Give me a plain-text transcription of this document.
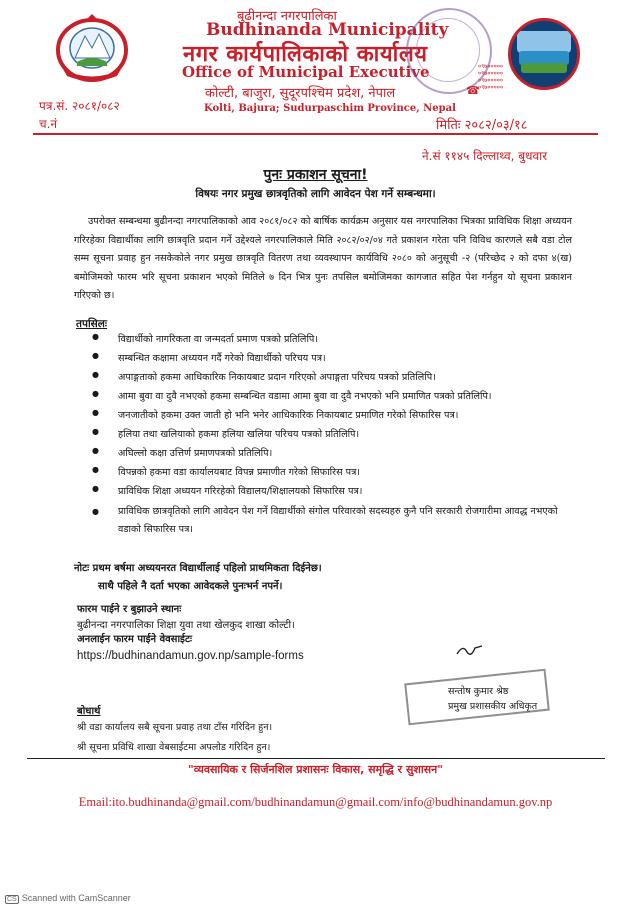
बुढीनन्दा नगरपालिका
Budhinanda Municipality
नगर कार्यपालिकाको कार्यालय
Office of Municipal Executive
कोल्टी, बाजुरा, सुदूरपश्चिम प्रदेश, नेपाल
Kolti, Bajura; Sudurpaschim Province, Nepal
०९७०००००
०९७०००००
०९७०००००
०९७०००००
☎
पत्र.सं. २०८१/०८२
च.नं	मितिः २०८२/०३/१८
ने.सं ११४५ दिल्लाथ्व, बुधवार
पुनः प्रकाशन सूचना!
विषयः नगर प्रमुख छात्रवृतिको लागि आवेदन पेश गर्ने सम्बन्धमा।
उपरोक्त सम्बन्धमा बुढीनन्दा नगरपालिकाको आव २०८१/०८२ को बार्षिक कार्यक्रम अनुसार यस नगरपालिका भित्रका प्राविधिक शिक्षा अध्ययन गरिरहेका विद्यार्थीका लागि छात्रवृति प्रदान गर्ने उद्देश्यले नगरपालिकाले मिति २०८२/०२/०४ गते प्रकाशन गरेता पनि विविध कारणले सबै वडा टोल सम्म सूचना प्रवाह हुन नसकेकोले नगर प्रमुख छात्रवृति वितरण तथा व्यवस्थापन कार्यविधि २०८० को अनुसूची -२ (परिच्छेद २ को दफा ४(ख) बमोजिमको फारम भरि सूचना प्रकाशन भएको मितिले ७ दिन भित्र पुनः तपसिल बमोजिमका कागजात सहित पेश गर्नहुन यो सूचना प्रकाशन गरिएको छ।
तपसिलः
● विद्यार्थीको नागरिकता वा जन्मदर्ता प्रमाण पत्रको प्रतिलिपि।
● सम्बन्धित कक्षामा अध्ययन गर्दै गरेको विद्यार्थीको परिचय पत्र।
● अपाङ्गताको हकमा आधिकारिक निकायबाट प्रदान गरिएको अपाङ्गता परिचय पत्रको प्रतिलिपि।
● आमा बुवा वा दुवै नभएको हकमा सम्बन्धित वडामा आमा बुवा वा दुवै नभएको भनि प्रमाणित पत्रको प्रतिलिपि।
● जनजातीको हकमा उक्त जाती हो भनि भनेर आधिकारिक निकायबाट प्रमाणित गरेको सिफारिस पत्र।
● हलिया तथा खलियाको हकमा हलिया खलिया परिचय पत्रको प्रतिलिपि।
● अघिल्लो कक्षा उत्तिर्ण प्रमाणपत्रको प्रतिलिपि।
● विपन्नको हकमा वडा कार्यालयबाट विपन्न प्रमाणीत गरेको सिफारिस पत्र।
● प्राविधिक शिक्षा अध्ययन गरिरहेको विद्यालय/शिक्षालयको सिफारिस पत्र।
● प्राविधिक छात्रवृतिको लागि आवेदन पेश गर्ने विद्यार्थीको संगोल परिवारको सदस्यहरु कुनै पनि सरकारी रोजगारीमा आवद्ध नभएको वडाको सिफारिस पत्र।
नोटः प्रथम बर्षमा अध्ययनरत विद्यार्थीलाई पहिलो प्राथमिकता दिईनेछ।
साथै पहिले नै दर्ता भएका आवेदकले पुनःभर्न नपर्ने।
फारम पाईने र बुझाउने स्थानः
बुढीनन्दा नगरपालिका शिक्षा युवा तथा खेलकुद शाखा कोल्टी।
अनलाईन फारम पाईने वेवसाईटः
https://budhinandamun.gov.np/sample-forms
सन्तोष कुमार श्रेष्ठ
प्रमुख प्रशासकीय अधिकृत
बोधार्थ
श्री वडा कार्यालय सबै सूचना प्रवाह तथा टाँस गरिदिन हुन।
श्री सूचना प्रविधि शाखा वेबसाईटमा अपलोड गरिदिन हुन।
"व्यवसायिक र सिर्जनशिल प्रशासनः विकास, समृद्धि र सुशासन"
Email:ito.budhinanda@gmail.com/budhinandamun@gmail.com/info@budhinandamun.gov.np
CS Scanned with CamScanner
